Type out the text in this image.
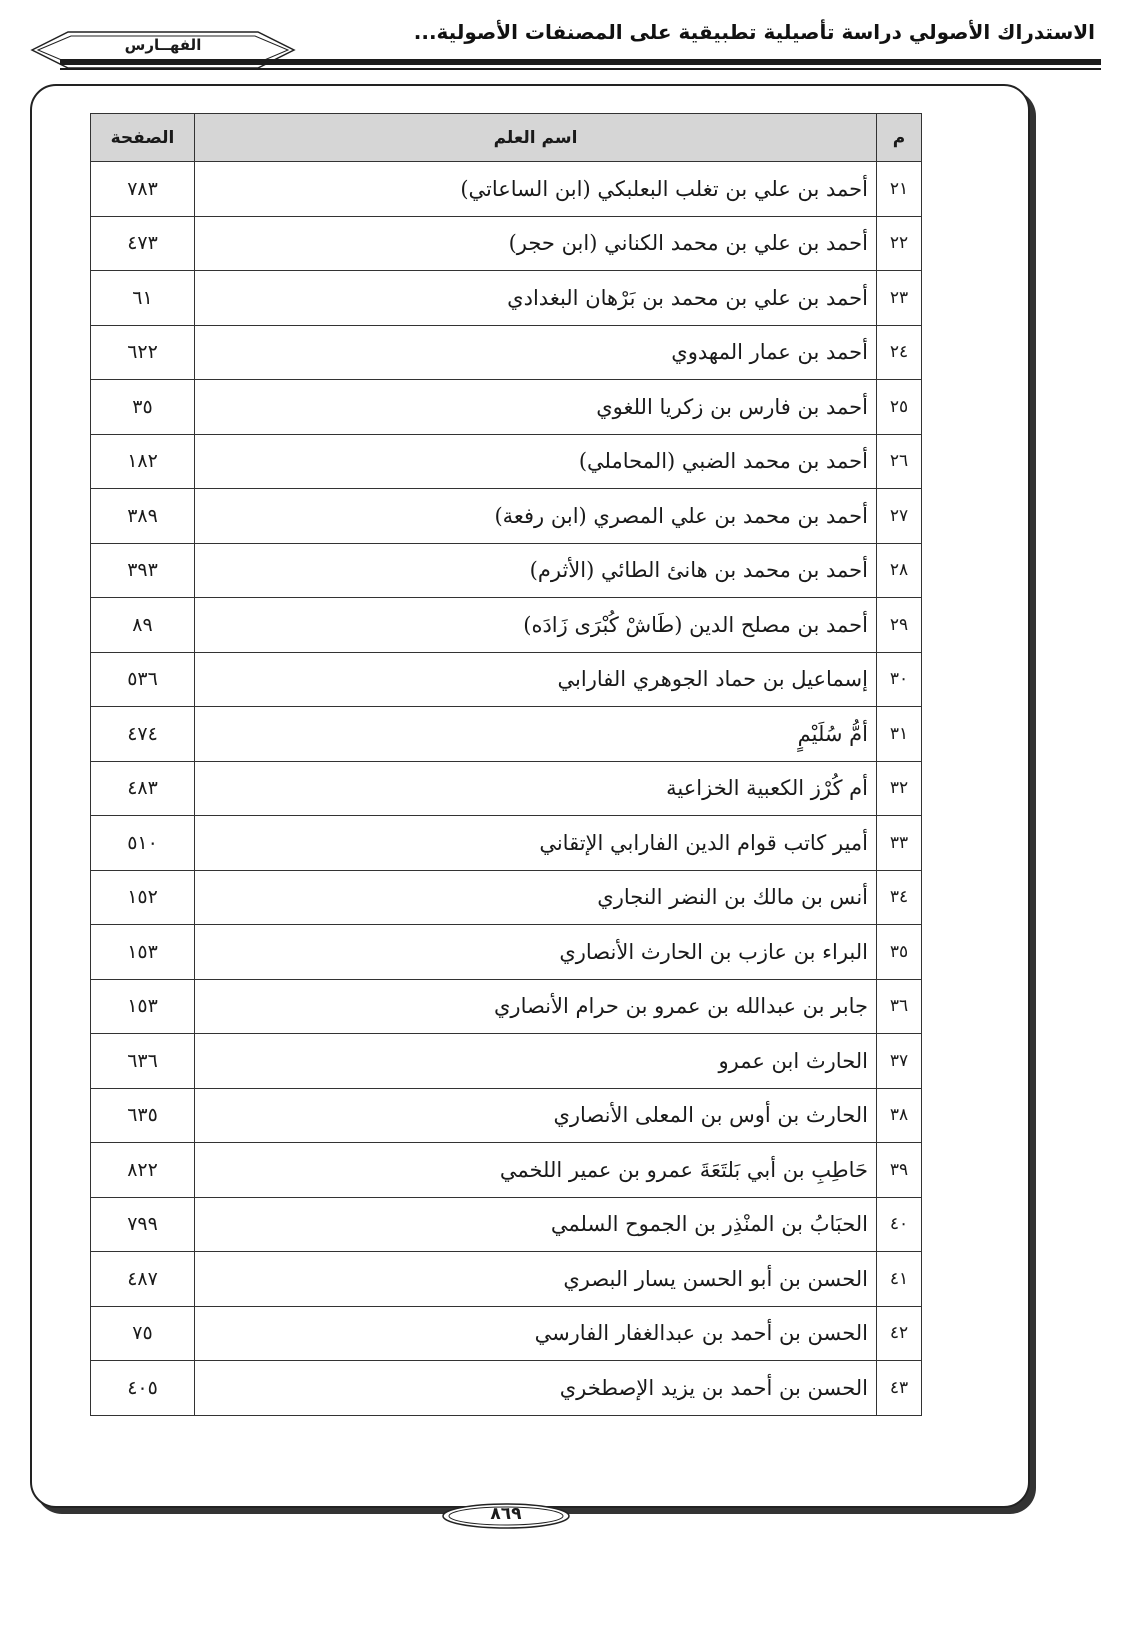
الاستدراك الأصولي دراسة تأصيلية تطبيقية على المصنفات الأصولية...
الفهــارس
م	اسم العلم	الصفحة
٢١	أحمد بن علي بن تغلب البعلبكي (ابن الساعاتي)	٧٨٣
٢٢	أحمد بن علي بن محمد الكناني (ابن حجر)	٤٧٣
٢٣	أحمد بن علي بن محمد بن بَرْهان البغدادي	٦١
٢٤	أحمد بن عمار المهدوي	٦٢٢
٢٥	أحمد بن فارس بن زكريا اللغوي	٣٥
٢٦	أحمد بن محمد الضبي (المحاملي)	١٨٢
٢٧	أحمد بن محمد بن علي المصري (ابن رفعة)	٣٨٩
٢٨	أحمد بن محمد بن هانئ الطائي (الأثرم)	٣٩٣
٢٩	أحمد بن مصلح الدين (طَاشْ كُبْرَى زَادَه)	٨٩
٣٠	إسماعيل بن حماد الجوهري الفارابي	٥٣٦
٣١	أمُّ سُلَيْمٍ	٤٧٤
٣٢	أم كُرْز الكعبية الخزاعية	٤٨٣
٣٣	أمير كاتب قوام الدين الفارابي الإتقاني	٥١٠
٣٤	أنس بن مالك بن النضر النجاري	١٥٢
٣٥	البراء بن عازب بن الحارث الأنصاري	١٥٣
٣٦	جابر بن عبدالله بن عمرو بن حرام الأنصاري	١٥٣
٣٧	الحارث ابن عمرو	٦٣٦
٣٨	الحارث بن أوس بن المعلى الأنصاري	٦٣٥
٣٩	حَاطِبِ بن أبي بَلتَعَةَ عمرو بن عمير اللخمي	٨٢٢
٤٠	الحبَابُ بن المنْذِر بن الجموح السلمي	٧٩٩
٤١	الحسن بن أبو الحسن يسار البصري	٤٨٧
٤٢	الحسن بن أحمد بن عبدالغفار الفارسي	٧٥
٤٣	الحسن بن أحمد بن يزيد الإصطخري	٤٠٥
٨٦٩
